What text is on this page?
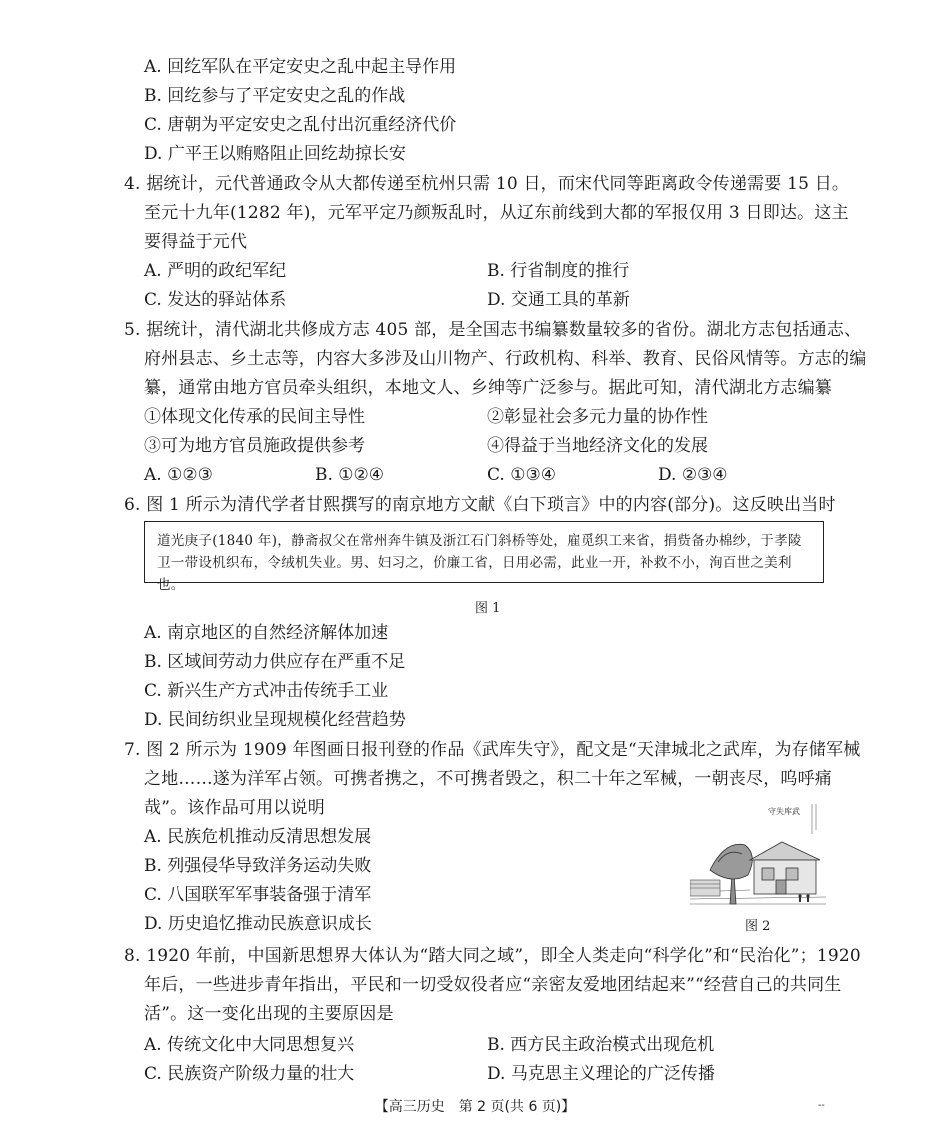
A. 回纥军队在平定安史之乱中起主导作用
B. 回纥参与了平定安史之乱的作战
C. 唐朝为平定安史之乱付出沉重经济代价
D. 广平王以贿赂阻止回纥劫掠长安
4. 据统计，元代普通政令从大都传递至杭州只需 10 日，而宋代同等距离政令传递需要 15 日。
至元十九年(1282 年)，元军平定乃颜叛乱时，从辽东前线到大都的军报仅用 3 日即达。这主
要得益于元代
A. 严明的政纪军纪	B. 行省制度的推行
C. 发达的驿站体系	D. 交通工具的革新
5. 据统计，清代湖北共修成方志 405 部，是全国志书编纂数量较多的省份。湖北方志包括通志、
府州县志、乡土志等，内容大多涉及山川物产、行政机构、科举、教育、民俗风情等。方志的编
纂，通常由地方官员牵头组织，本地文人、乡绅等广泛参与。据此可知，清代湖北方志编纂
①体现文化传承的民间主导性	②彰显社会多元力量的协作性
③可为地方官员施政提供参考	④得益于当地经济文化的发展
A. ①②③	B. ①②④	C. ①③④	D. ②③④
6. 图 1 所示为清代学者甘熙撰写的南京地方文献《白下琐言》中的内容(部分)。这反映出当时
道光庚子(1840 年)，静斋叔父在常州奔牛镇及浙江石门斜桥等处，雇觅织工来省，捐赀备办棉纱，于孝陵
卫一带设机织布，令绒机失业。男、妇习之，价廉工省，日用必需，此业一开，补救不小，洵百世之美利也。
图 1
A. 南京地区的自然经济解体加速
B. 区域间劳动力供应存在严重不足
C. 新兴生产方式冲击传统手工业
D. 民间纺织业呈现规模化经营趋势
7. 图 2 所示为 1909 年图画日报刊登的作品《武库失守》，配文是“天津城北之武库，为存储军械
之地……遂为洋军占领。可携者携之，不可携者毁之，积二十年之军械，一朝丧尽，呜呼痛
哉”。该作品可用以说明
A. 民族危机推动反清思想发展
B. 列强侵华导致洋务运动失败
C. 八国联军军事装备强于清军
D. 历史追忆推动民族意识成长
守失库武
图 2
8. 1920 年前，中国新思想界大体认为“踏大同之域”，即全人类走向“科学化”和“民治化”；1920
年后，一些进步青年指出，平民和一切受奴役者应“亲密友爱地团结起来”“经营自己的共同生
活”。这一变化出现的主要原因是
A. 传统文化中大同思想复兴	B. 西方民主政治模式出现危机
C. 民族资产阶级力量的壮大	D. 马克思主义理论的广泛传播
【高三历史　第 2 页(共 6 页)】	--
